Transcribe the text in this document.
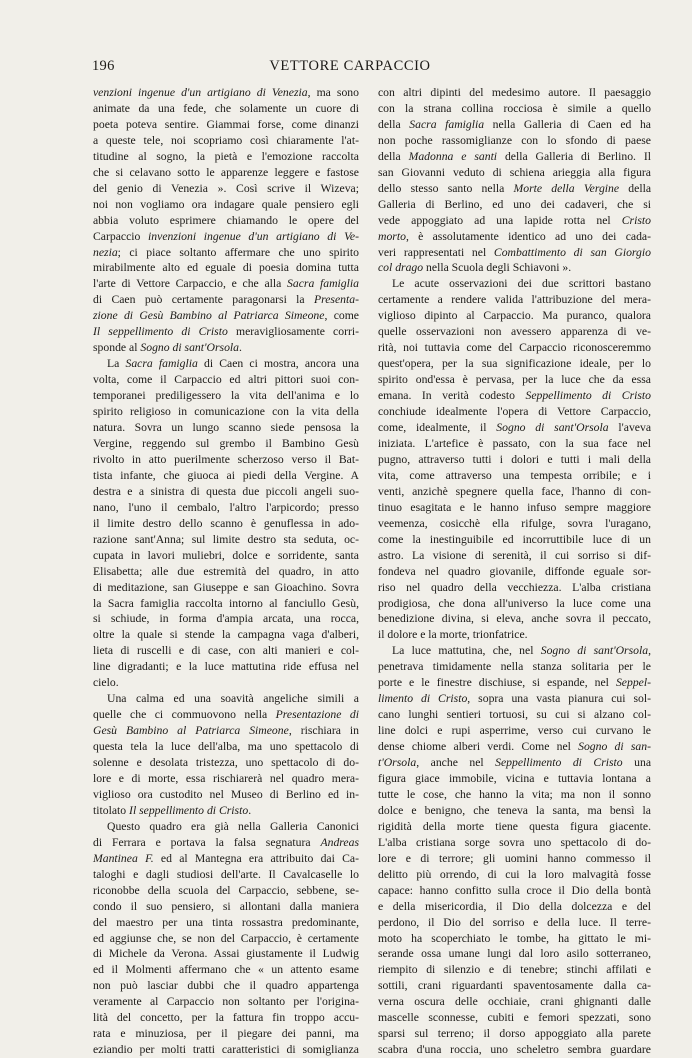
196	VETTORE CARPACCIO

venzioni ingenue d'un artigiano di Venezia, ma sono

animate da una fede, che solamente un cuore di

poeta poteva sentire. Giammai forse, come dinanzi

a queste tele, noi scopriamo così chiaramente l'at-

titudine al sogno, la pietà e l'emozione raccolta

che si celavano sotto le apparenze leggere e fastose

del genio di Venezia ». Così scrive il Wizeva;

noi non vogliamo ora indagare quale pensiero egli

abbia voluto esprimere chiamando le opere del

Carpaccio invenzioni ingenue d'un artigiano di Ve-

nezia; ci piace soltanto affermare che uno spirito

mirabilmente alto ed eguale di poesia domina tutta

l'arte di Vettore Carpaccio, e che alla Sacra famiglia

di Caen può certamente paragonarsi la Presenta-

zione di Gesù Bambino al Patriarca Simeone, come

Il seppellimento di Cristo meravigliosamente corri-

sponde al Sogno di sant'Orsola.

La Sacra famiglia di Caen ci mostra, ancora una

volta, come il Carpaccio ed altri pittori suoi con-

temporanei prediligessero la vita dell'anima e lo

spirito religioso in comunicazione con la vita della

natura. Sovra un lungo scanno siede pensosa la

Vergine, reggendo sul grembo il Bambino Gesù

rivolto in atto puerilmente scherzoso verso il Bat-

tista infante, che giuoca ai piedi della Vergine. A

destra e a sinistra di questa due piccoli angeli suo-

nano, l'uno il cembalo, l'altro l'arpicordo; presso

il limite destro dello scanno è genuflessa in ado-

razione sant'Anna; sul limite destro sta seduta, oc-

cupata in lavori muliebri, dolce e sorridente, santa

Elisabetta; alle due estremità del quadro, in atto

di meditazione, san Giuseppe e san Gioachino. Sovra

la Sacra famiglia raccolta intorno al fanciullo Gesù,

si schiude, in forma d'ampia arcata, una rocca,

oltre la quale si stende la campagna vaga d'alberi,

lieta di ruscelli e di case, con alti manieri e col-

line digradanti; e la luce mattutina ride effusa nel

cielo.

Una calma ed una soavità angeliche simili a

quelle che ci commuovono nella Presentazione di

Gesù Bambino al Patriarca Simeone, rischiara in

questa tela la luce dell'alba, ma uno spettacolo di

solenne e desolata tristezza, uno spettacolo di do-

lore e di morte, essa rischiarerà nel quadro mera-

viglioso ora custodito nel Museo di Berlino ed in-

titolato Il seppellimento di Cristo.

Questo quadro era già nella Galleria Canonici

di Ferrara e portava la falsa segnatura Andreas

Mantinea F. ed al Mantegna era attribuito dai Ca-

taloghi e dagli studiosi dell'arte. Il Cavalcaselle lo

riconobbe della scuola del Carpaccio, sebbene, se-

condo il suo pensiero, si allontani dalla maniera

del maestro per una tinta rossastra predominante,

ed aggiunse che, se non del Carpaccio, è certamente

di Michele da Verona. Assai giustamente il Ludwig

ed il Molmenti affermano che « un attento esame

non può lasciar dubbi che il quadro appartenga

veramente al Carpaccio non soltanto per l'origina-

lità del concetto, per la fattura fin troppo accu-

rata e minuziosa, per il piegare dei panni, ma

eziandio per molti tratti caratteristici di somiglianza

con altri dipinti del medesimo autore. Il paesaggio

con la strana collina rocciosa è simile a quello

della Sacra famiglia nella Galleria di Caen ed ha

non poche rassomiglianze con lo sfondo di paese

della Madonna e santi della Galleria di Berlino. Il

san Giovanni veduto di schiena arieggia alla figura

dello stesso santo nella Morte della Vergine della

Galleria di Berlino, ed uno dei cadaveri, che si

vede appoggiato ad una lapide rotta nel Cristo

morto, è assolutamente identico ad uno dei cada-

veri rappresentati nel Combattimento di san Giorgio

col drago nella Scuola degli Schiavoni ».

Le acute osservazioni dei due scrittori bastano

certamente a rendere valida l'attribuzione del mera-

viglioso dipinto al Carpaccio. Ma purancо, qualora

quelle osservazioni non avessero apparenza di ve-

rità, noi tuttavia come del Carpaccio riconosceremmo

quest'opera, per la sua significazione ideale, per lo

spirito ond'essa è pervasa, per la luce che da essa

emana. In verità codesto Seppellimento di Cristo

conchiude idealmente l'opera di Vettore Carpaccio,

come, idealmente, il Sogno di sant'Orsola l'aveva

iniziata. L'artefice è passato, con la sua face nel

pugno, attraverso tutti i dolori e tutti i mali della

vita, come attraverso una tempesta orribile; e i

venti, anzichè spegnere quella face, l'hanno di con-

tinuo esagitata e le hanno infuso sempre maggiore

veemenza, cosicchè ella rifulge, sovra l'uragano,

come la inestinguibile ed incorruttibile luce di un

astro. La visione di serenità, il cui sorriso si dif-

fondeva nel quadro giovanile, diffonde eguale sor-

riso nel quadro della vecchiezza. L'alba cristiana

prodigiosa, che dona all'universo la luce come una

benedizione divina, si eleva, anche sovra il peccato,

il dolore e la morte, trionfatrice.

La luce mattutina, che, nel Sogno di sant'Orsola,

penetrava timidamente nella stanza solitaria per le

porte e le finestre dischiuse, si espande, nel Seppel-

limento di Cristo, sopra una vasta pianura cui sol-

cano lunghi sentieri tortuosi, su cui si alzano col-

line dolci e rupi asperrime, verso cui curvano le

dense chiome alberi verdi. Come nel Sogno di san-

t'Orsola, anche nel Seppellimento di Cristo una

figura giace immobile, vicina e tuttavia lontana a

tutte le cose, che hanno la vita; ma non il sonno

dolce e benigno, che teneva la santa, ma bensì la

rigidità della morte tiene questa figura giacente.

L'alba cristiana sorge sovra uno spettacolo di do-

lore e di terrore; gli uomini hanno commesso il

delitto più orrendo, di cui la loro malvagità fosse

capace: hanno confitto sulla croce il Dio della bontà

e della misericordia, il Dio della dolcezza e del

perdono, il Dio del sorriso e della luce. Il terre-

moto ha scoperchiato le tombe, ha gittato le mi-

serande ossa umane lungi dal loro asilo sotterraneo,

riempito di silenzio e di tenebre; stinchi affilati e

sottili, crani riguardanti spaventosamente dalla ca-

verna oscura delle occhiaie, crani ghignanti dalle

mascelle sconnesse, cubiti e femori spezzati, sono

sparsi sul terreno; il dorso appoggiato alla parete

scabra d'una roccia, uno scheletro sembra guardare
